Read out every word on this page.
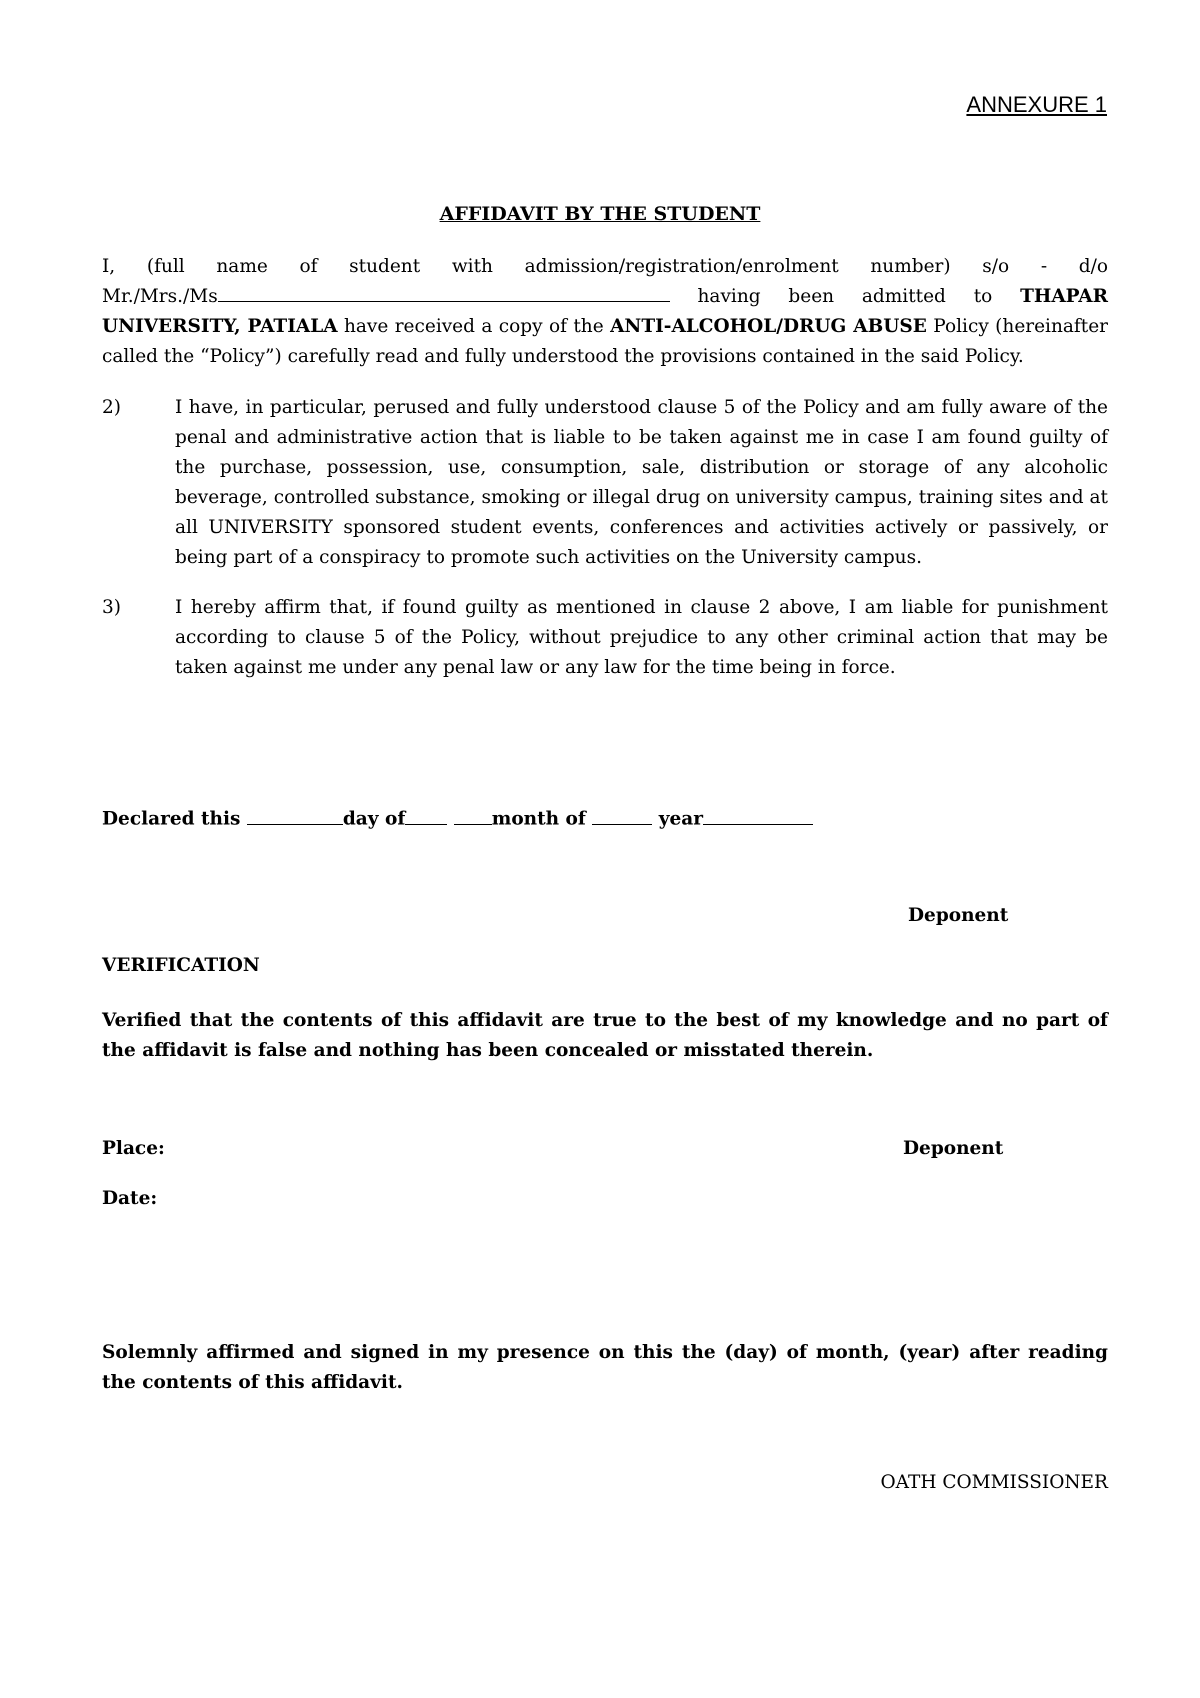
ANNEXURE 1
AFFIDAVIT BY THE STUDENT
I, (full name of student with admission/registration/enrolment number) s/o - d/o
Mr./Mrs./Ms	having been admitted to THAPAR
UNIVERSITY, PATIALA have received a copy of the ANTI-ALCOHOL/DRUG ABUSE Policy (hereinafter called the “Policy”) carefully read and fully understood the provisions contained in the said Policy.
2)	I have, in particular, perused and fully understood clause 5 of the Policy and am fully aware of the penal and administrative action that is liable to be taken against me in case I am found guilty of the purchase, possession, use, consumption, sale, distribution or storage of any alcoholic beverage, controlled substance, smoking or illegal drug on university campus, training sites and at all UNIVERSITY sponsored student events, conferences and activities actively or passively, or being part of a conspiracy to promote such activities on the University campus.
3)	I hereby affirm that, if found guilty as mentioned in clause 2 above, I am liable for punishment according to clause 5 of the Policy, without prejudice to any other criminal action that may be taken against me under any penal law or any law for the time being in force.
Declared this	day of	month of	year
Deponent
VERIFICATION
Verified that the contents of this affidavit are true to the best of my knowledge and no part of the affidavit is false and nothing has been concealed or misstated therein.
Place:	Deponent
Date:
Solemnly affirmed and signed in my presence on this the (day) of month, (year) after reading the contents of this affidavit.
OATH COMMISSIONER
